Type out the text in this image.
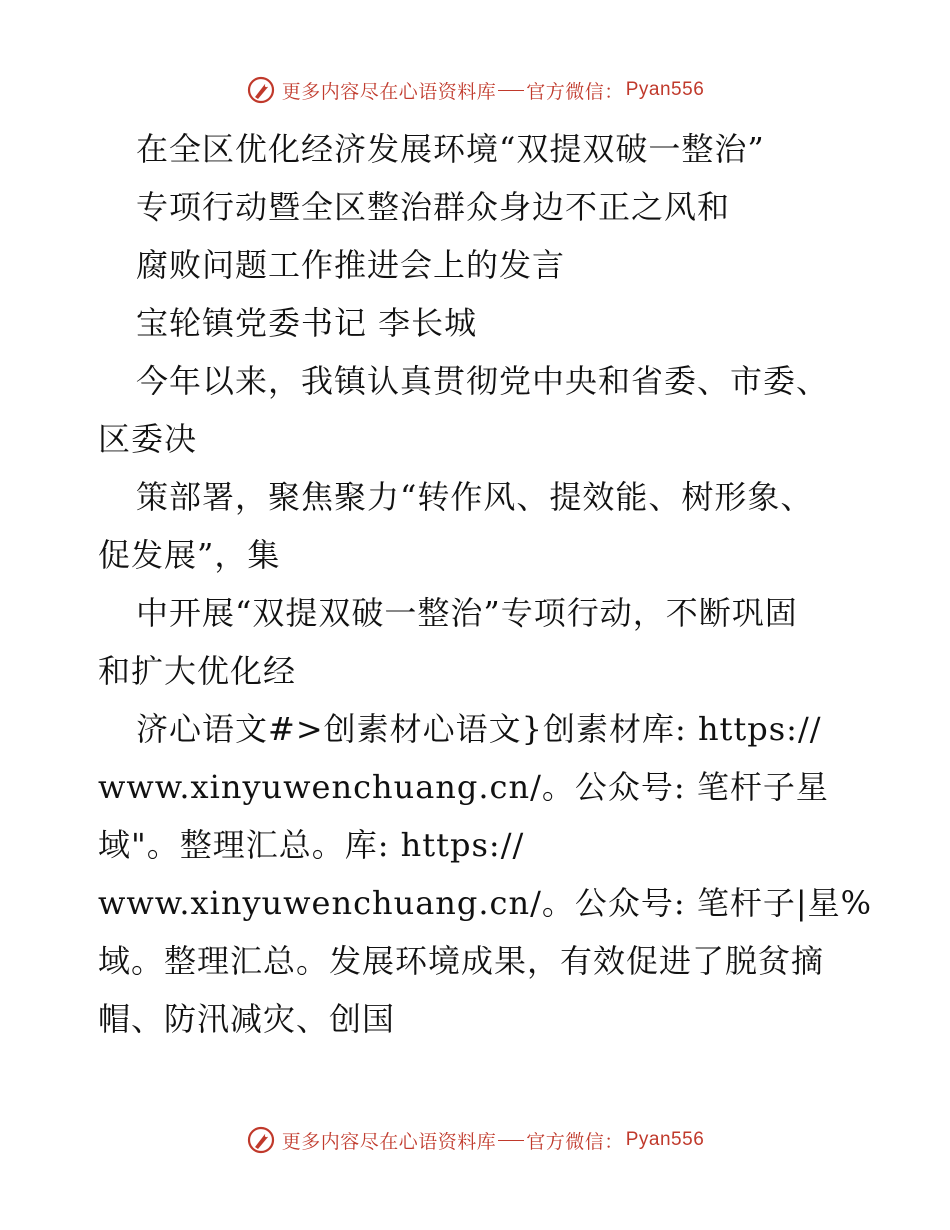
更多内容尽在心语资料库 官方微信： Pyan556
在全区优化经济发展环境“双提双破一整治”
专项行动暨全区整治群众身边不正之风和
腐败问题工作推进会上的发言
宝轮镇党委书记 李长城
今年以来，我镇认真贯彻党中央和省委、市委、
区委决
策部署，聚焦聚力“转作风、提效能、树形象、
促发展”，集
中开展“双提双破一整治”专项行动，不断巩固
和扩大优化经
济心语文#>创素材心语文}创素材库: https://
www.xinyuwenchuang.cn/。公众号: 笔杆子星
域"。整理汇总。库: https://
www.xinyuwenchuang.cn/。公众号: 笔杆子|星%
域。整理汇总。发展环境成果，有效促进了脱贫摘
帽、防汛减灾、创国
更多内容尽在心语资料库 官方微信： Pyan556
